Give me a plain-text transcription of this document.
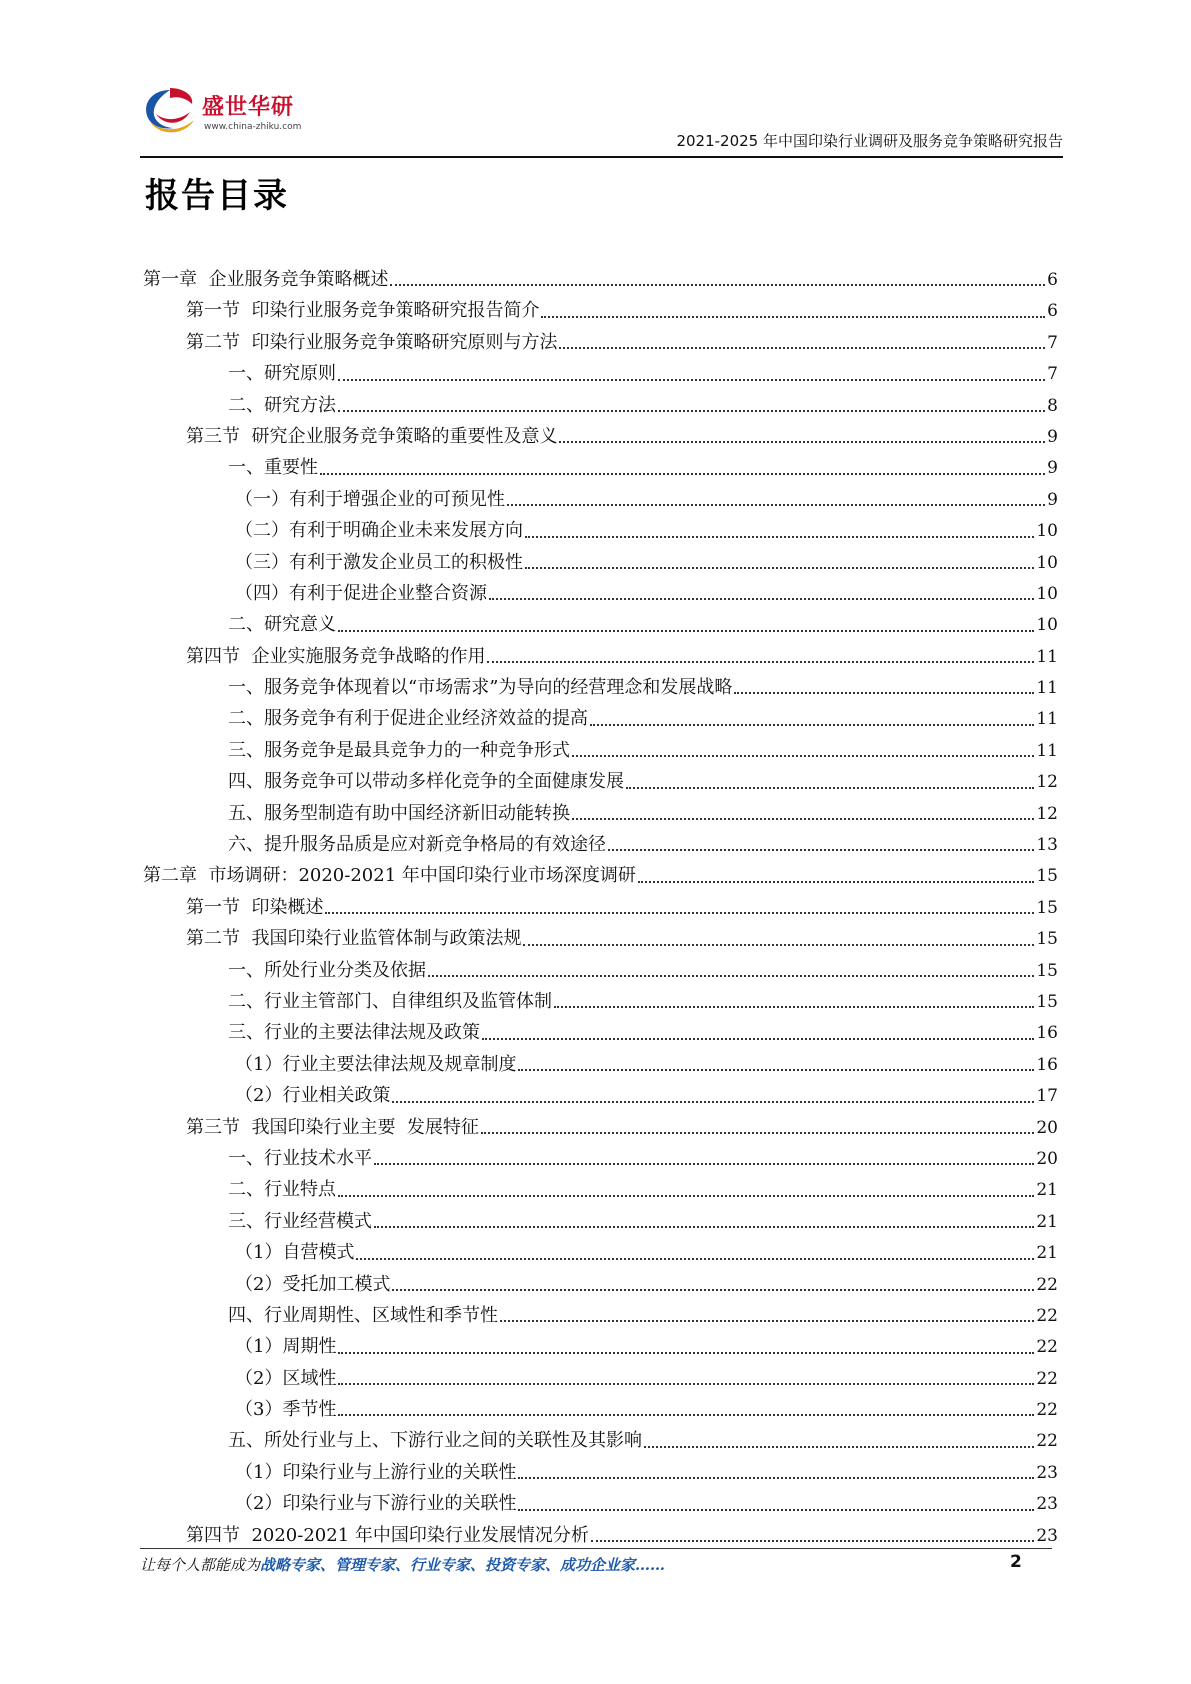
盛世华研
www.china-zhiku.com
2021-2025 年中国印染行业调研及服务竞争策略研究报告
报告目录
第一章  企业服务竞争策略概述	6
第一节  印染行业服务竞争策略研究报告简介	6
第二节  印染行业服务竞争策略研究原则与方法	7
一、研究原则	7
二、研究方法	8
第三节  研究企业服务竞争策略的重要性及意义	9
一、重要性	9
（一）有利于增强企业的可预见性	9
（二）有利于明确企业未来发展方向	10
（三）有利于激发企业员工的积极性	10
（四）有利于促进企业整合资源	10
二、研究意义	10
第四节  企业实施服务竞争战略的作用	11
一、服务竞争体现着以“市场需求”为导向的经营理念和发展战略	11
二、服务竞争有利于促进企业经济效益的提高	11
三、服务竞争是最具竞争力的一种竞争形式	11
四、服务竞争可以带动多样化竞争的全面健康发展	12
五、服务型制造有助中国经济新旧动能转换	12
六、提升服务品质是应对新竞争格局的有效途径	13
第二章  市场调研：2020-2021 年中国印染行业市场深度调研	15
第一节  印染概述	15
第二节  我国印染行业监管体制与政策法规	15
一、所处行业分类及依据	15
二、行业主管部门、自律组织及监管体制	15
三、行业的主要法律法规及政策	16
（1）行业主要法律法规及规章制度	16
（2）行业相关政策	17
第三节  我国印染行业主要  发展特征	20
一、行业技术水平	20
二、行业特点	21
三、行业经营模式	21
（1）自营模式	21
（2）受托加工模式	22
四、行业周期性、区域性和季节性	22
（1）周期性	22
（2）区域性	22
（3）季节性	22
五、所处行业与上、下游行业之间的关联性及其影响	22
（1）印染行业与上游行业的关联性	23
（2）印染行业与下游行业的关联性	23
第四节  2020-2021 年中国印染行业发展情况分析	23
让每个人都能成为战略专家、管理专家、行业专家、投资专家、成功企业家……	2
